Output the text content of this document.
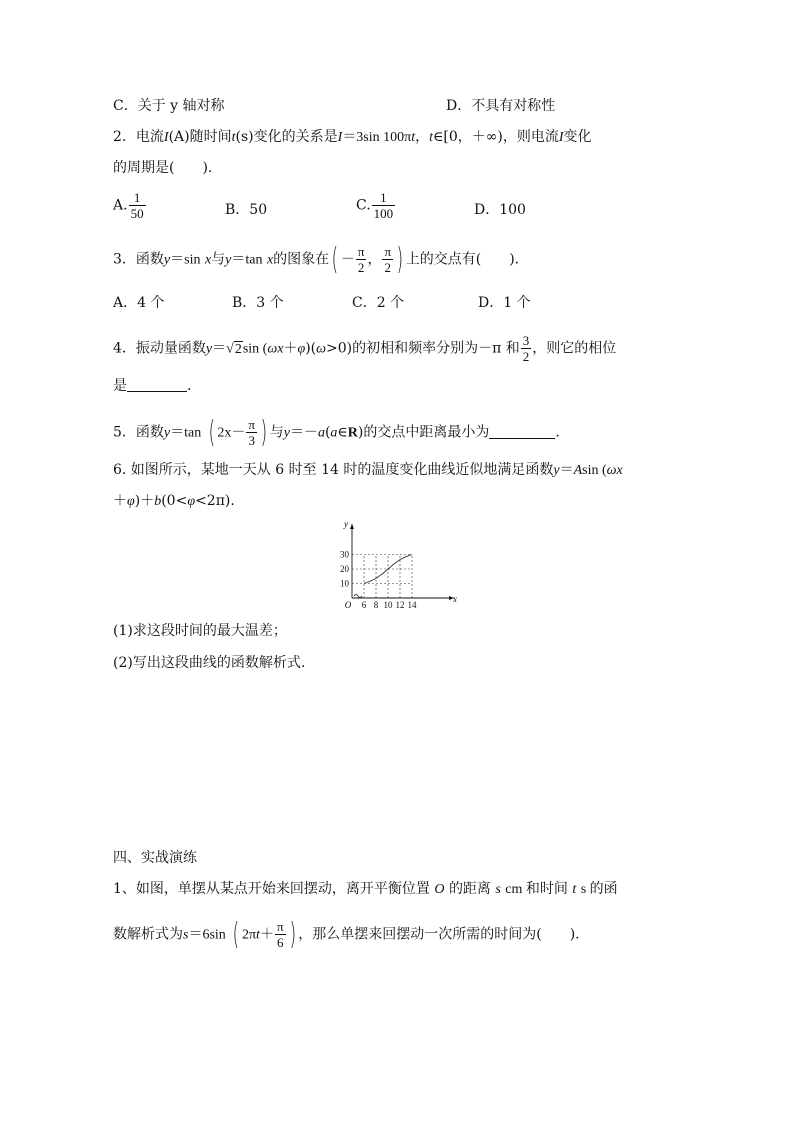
C．关于 y 轴对称	D．不具有对称性
2．电流I(A)随时间t(s)变化的关系是I＝3sin 100πt，t∈[0，＋∞)，则电流I变化
的周期是(　　)．
A. $\frac{1}{50}$	B．50	C. $\frac{1}{100}$	D．100
3．函数y＝sin x与y＝tan x的图象在( － $\frac{\pi}{2}$ ， $\frac{\pi}{2}$ ) 上的交点有(　　)．
A．4 个	B．3 个	C．2 个	D．1 个
4．振动量函数y＝√2sin (ωx＋φ)(ω>0)的初相和频率分别为－π 和 $\frac{3}{2}$ ，则它的相位
是	.
5．函数y＝tan ( $2x- \frac{\pi}{3}$ ) 与y＝－a(a∈R)的交点中距离最小为	.
6. 如图所示，某地一天从 6 时至 14 时的温度变化曲线近似地满足函数y＝Asin (ωx
＋φ)＋b(0<φ<2π).
y
x
O 6 8 10 12 14
10
20
30
(1)求这段时间的最大温差；
(2)写出这段曲线的函数解析式.
四、实战演练
1、如图，单摆从某点开始来回摆动，离开平衡位置 O 的距离 s cm 和时间 t s 的函
数解析式为s＝6sin ( $2\pi t+ \frac{\pi}{6}$ ) ，那么单摆来回摆动一次所需的时间为(　　).
